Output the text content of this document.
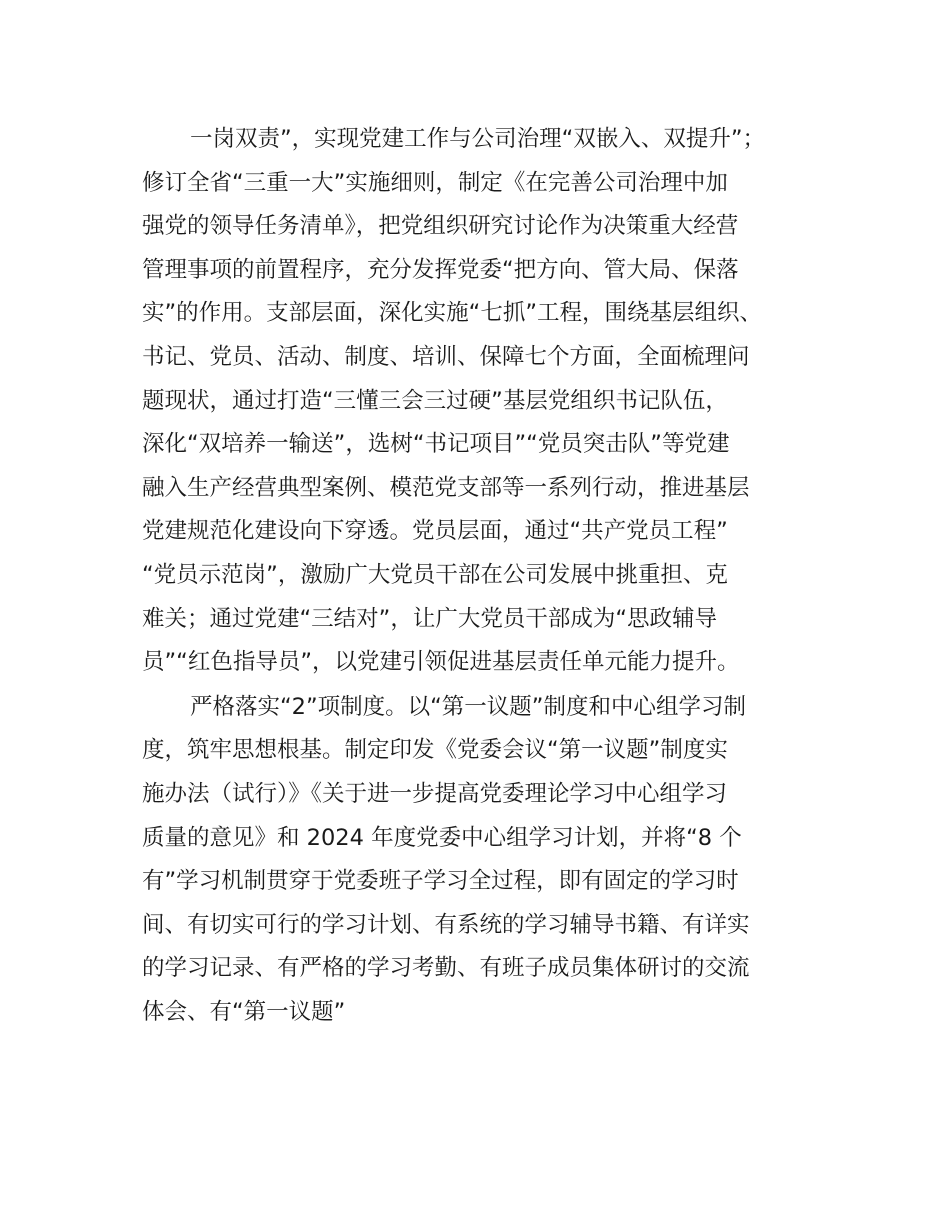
一岗双责”，实现党建工作与公司治理“双嵌入、双提升”；
修订全省“三重一大”实施细则，制定《在完善公司治理中加
强党的领导任务清单》，把党组织研究讨论作为决策重大经营
管理事项的前置程序，充分发挥党委“把方向、管大局、保落
实”的作用。支部层面，深化实施“七抓”工程，围绕基层组织、
书记、党员、活动、制度、培训、保障七个方面，全面梳理问
题现状，通过打造“三懂三会三过硬”基层党组织书记队伍，
深化“双培养一输送”，选树“书记项目”“党员突击队”等党建
融入生产经营典型案例、模范党支部等一系列行动，推进基层
党建规范化建设向下穿透。党员层面，通过“共产党员工程”
“党员示范岗”，激励广大党员干部在公司发展中挑重担、克
难关；通过党建“三结对”，让广大党员干部成为“思政辅导
员”“红色指导员”，以党建引领促进基层责任单元能力提升。
严格落实“2”项制度。以“第一议题”制度和中心组学习制
度，筑牢思想根基。制定印发《党委会议“第一议题”制度实
施办法（试行）》《关于进一步提高党委理论学习中心组学习
质量的意见》和 2024 年度党委中心组学习计划，并将“8 个
有”学习机制贯穿于党委班子学习全过程，即有固定的学习时
间、有切实可行的学习计划、有系统的学习辅导书籍、有详实
的学习记录、有严格的学习考勤、有班子成员集体研讨的交流
体会、有“第一议题”
